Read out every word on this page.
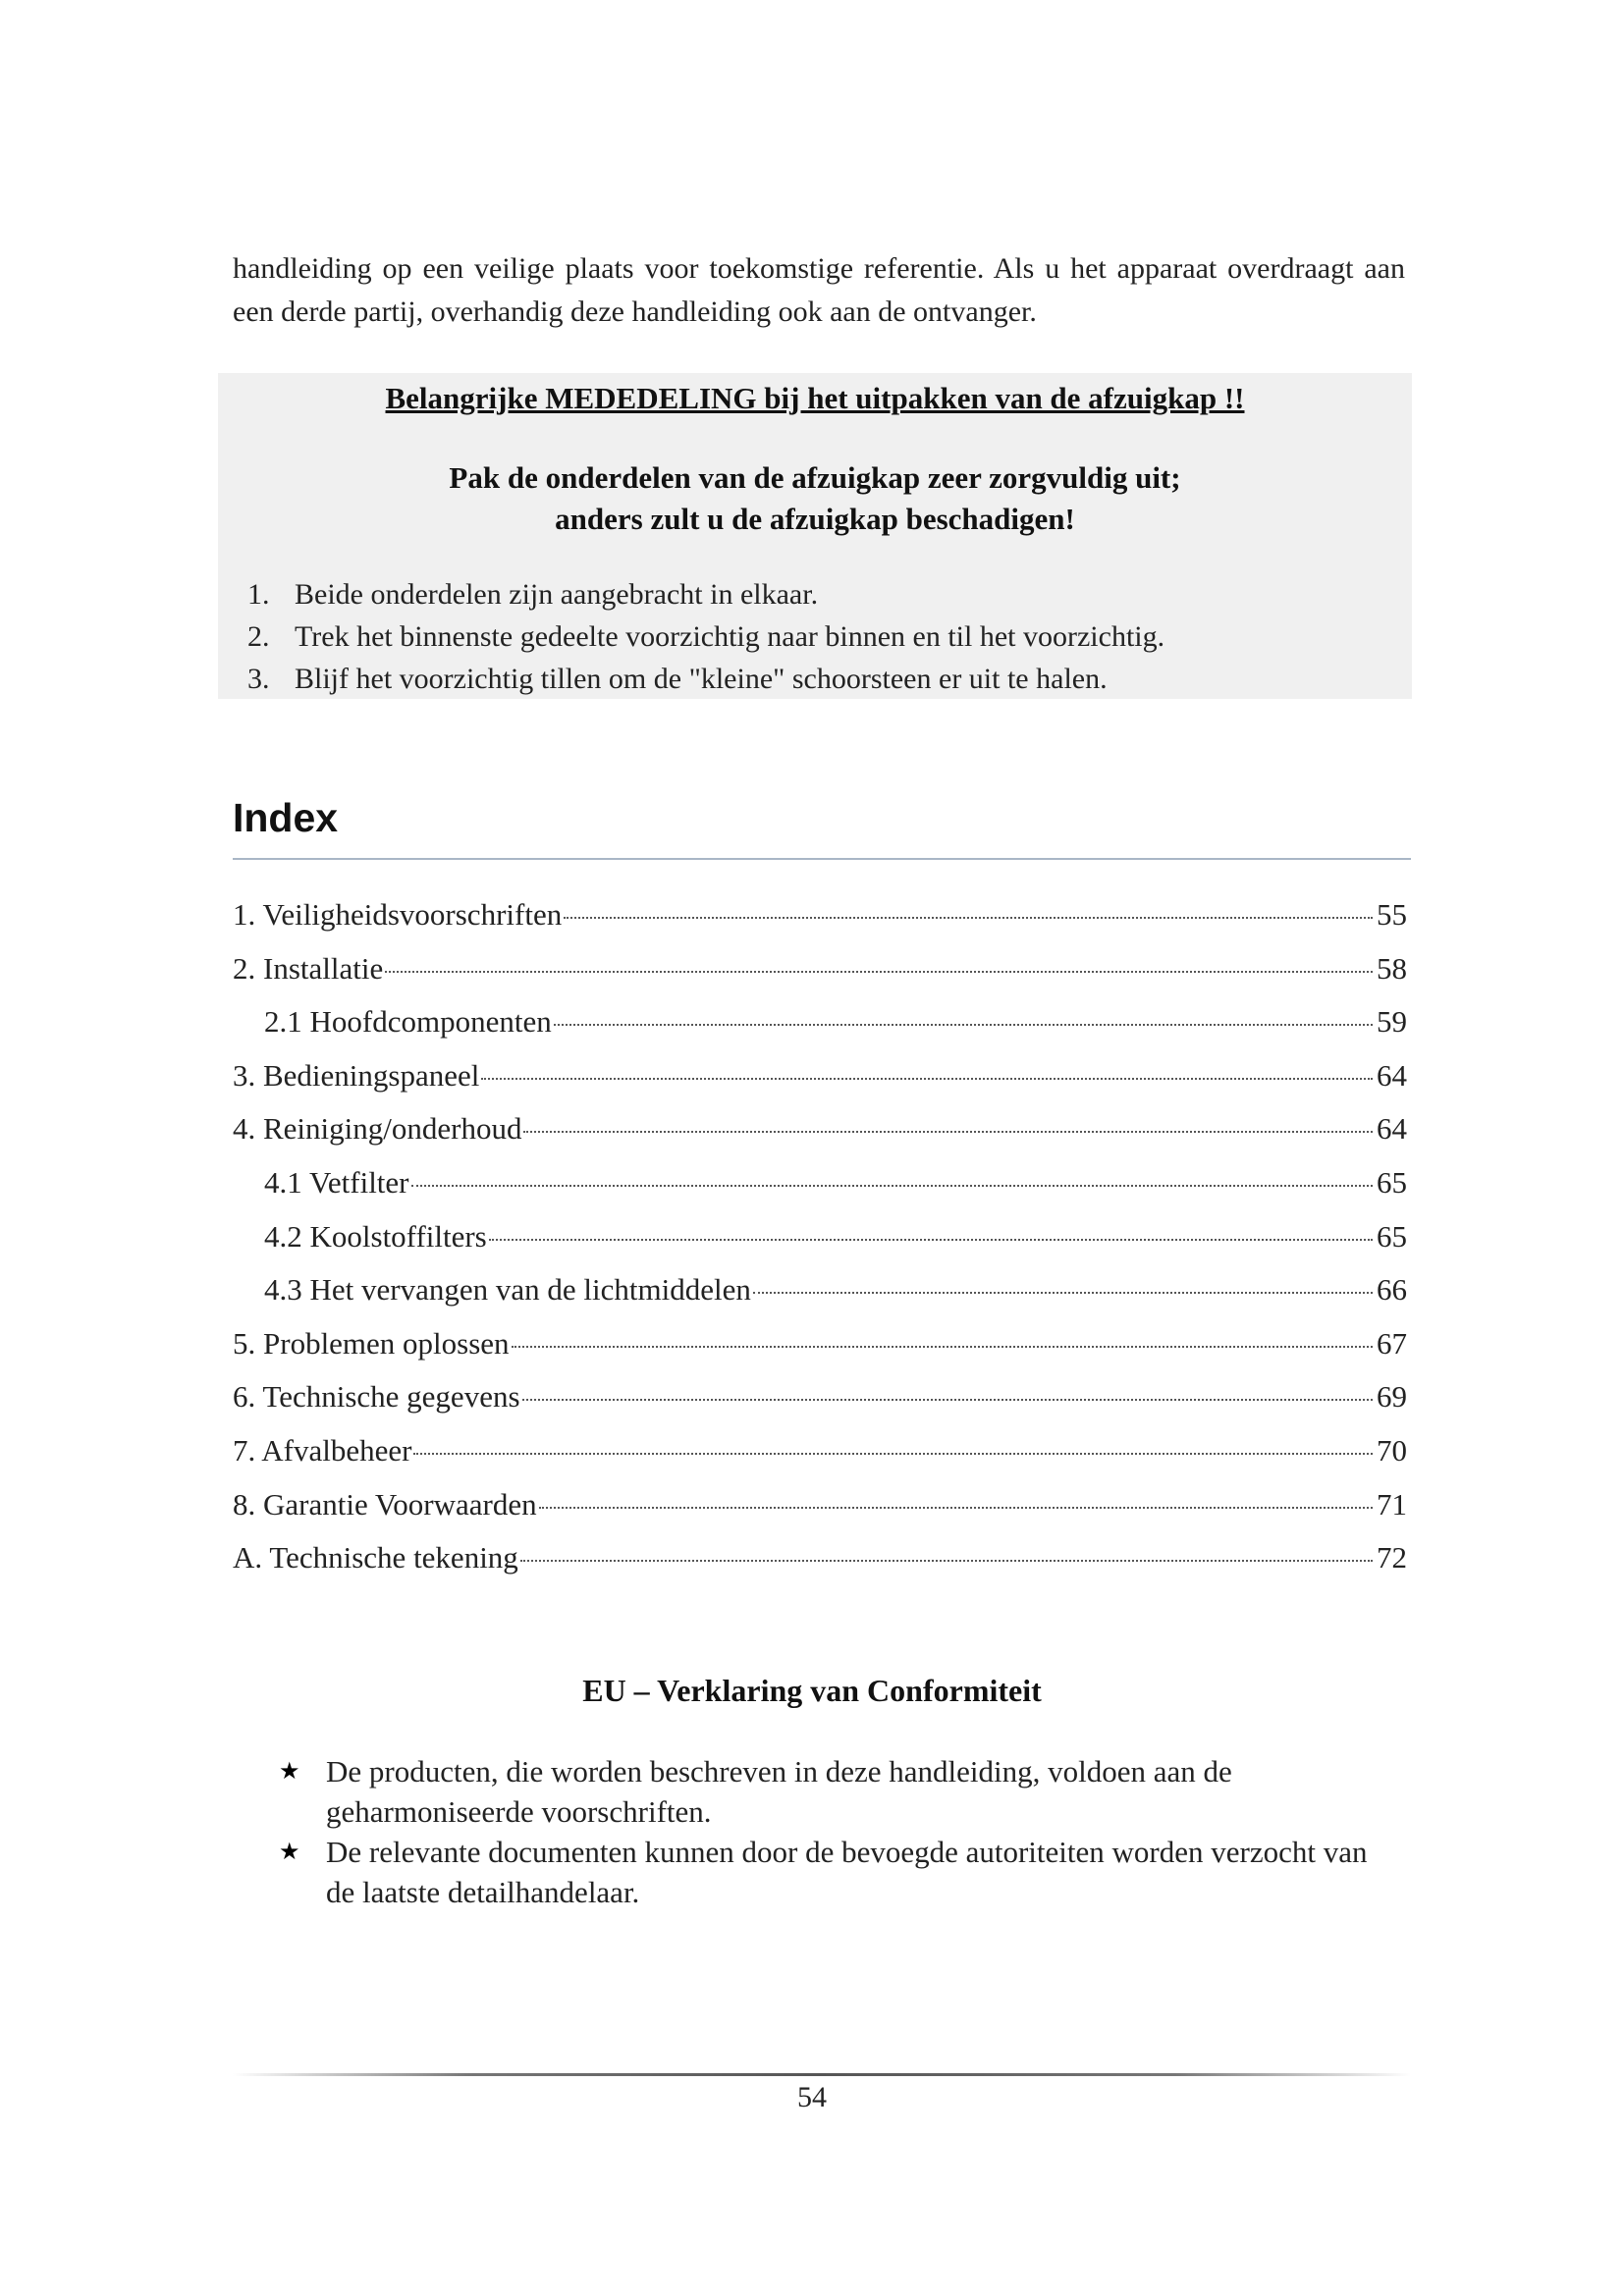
handleiding op een veilige plaats voor toekomstige referentie. Als u het apparaat overdraagt aan een derde partij, overhandig deze handleiding ook aan de ontvanger.

Belangrijke MEDEDELING bij het uitpakken van de afzuigkap !!
Pak de onderdelen van de afzuigkap zeer zorgvuldig uit;
anders zult u de afzuigkap beschadigen!
1. Beide onderdelen zijn aangebracht in elkaar.
2. Trek het binnenste gedeelte voorzichtig naar binnen en til het voorzichtig.
3. Blijf het voorzichtig tillen om de "kleine" schoorsteen er uit te halen.
Index
1. Veiligheidsvoorschriften	55
2. Installatie	58
2.1 Hoofdcomponenten	59
3. Bedieningspaneel	64
4. Reiniging/onderhoud	64
4.1 Vetfilter	65
4.2 Koolstoffilters	65
4.3 Het vervangen van de lichtmiddelen	66
5. Problemen oplossen	67
6. Technische gegevens	69
7. Afvalbeheer	70
8. Garantie Voorwaarden	71
A. Technische tekening	72
EU – Verklaring van Conformiteit
★ De producten, die worden beschreven in deze handleiding, voldoen aan de geharmoniseerde voorschriften.
★ De relevante documenten kunnen door de bevoegde autoriteiten worden verzocht van de laatste detailhandelaar.
54
